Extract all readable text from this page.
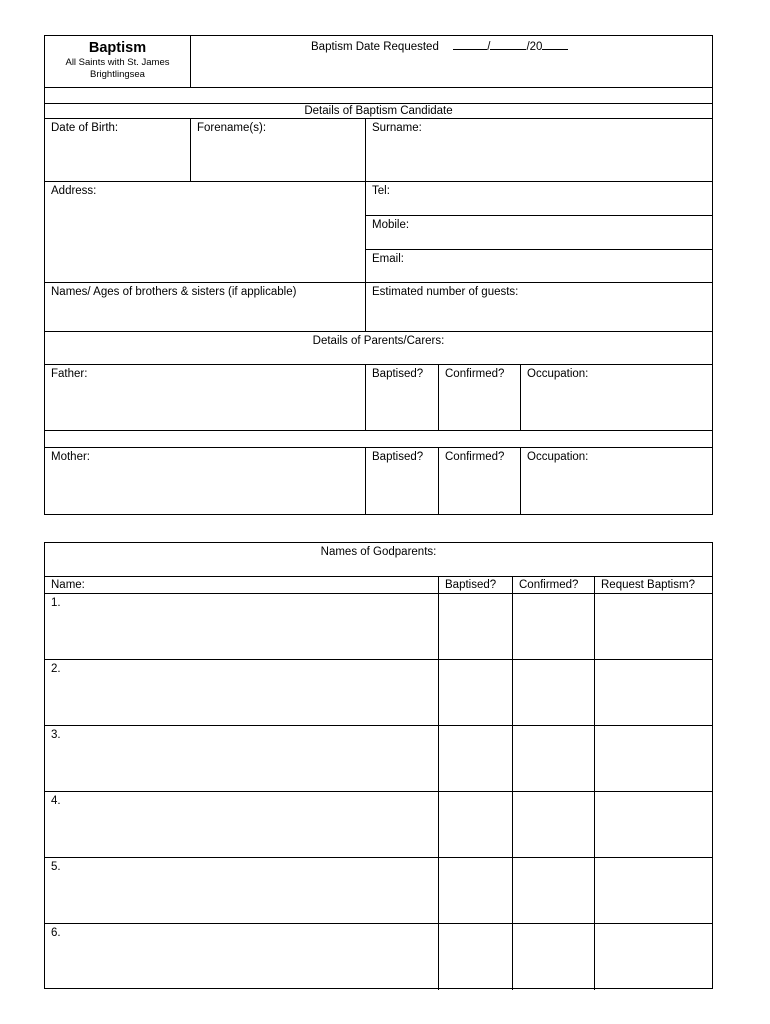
Baptism
All Saints with St. James
Brightlingsea
Baptism Date Requested	/	/20
Details of Baptism Candidate
Date of Birth:	Forename(s):	Surname:
Address:	Tel:
Mobile:
Email:
Names/ Ages of brothers & sisters (if applicable)	Estimated number of guests:
Details of Parents/Carers:
Father:	Baptised?	Confirmed?	Occupation:
Mother:	Baptised?	Confirmed?	Occupation:
Names of Godparents:
Name:	Baptised?	Confirmed?	Request Baptism?
1.
2.
3.
4.
5.
6.
